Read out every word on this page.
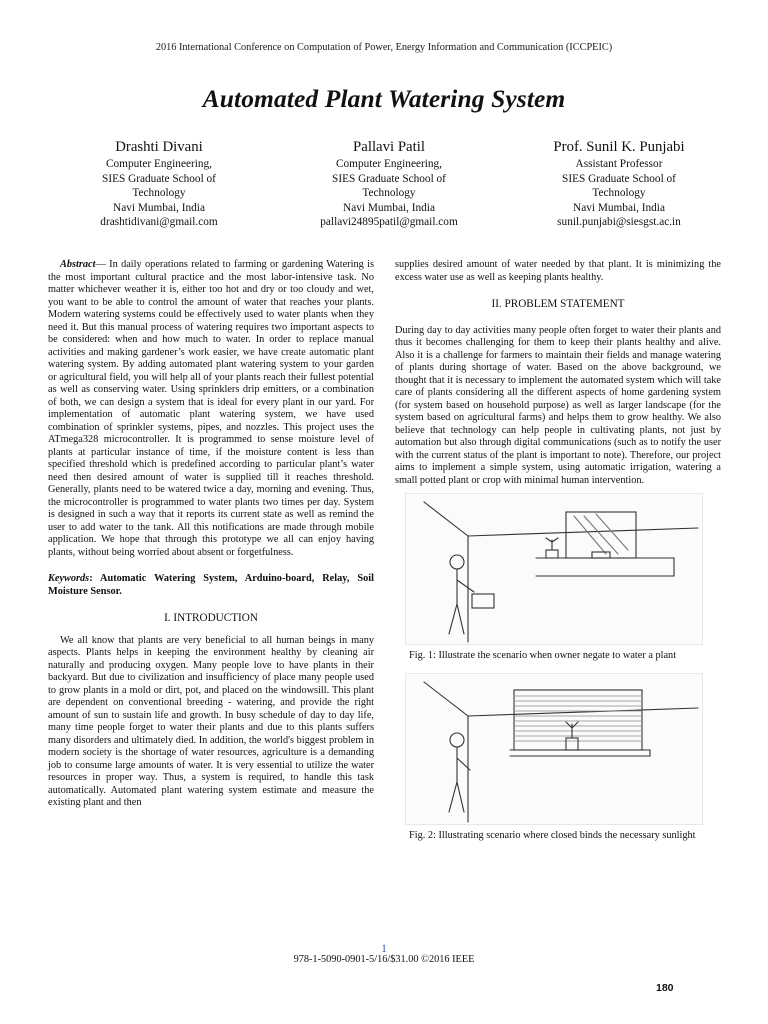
2016 International Conference on Computation of Power, Energy Information and Communication (ICCPEIC)
Automated Plant Watering System
Drashti Divani
Computer Engineering,
SIES Graduate School of
Technology
Navi Mumbai, India
drashtidivani@gmail.com
Pallavi Patil
Computer Engineering,
SIES Graduate School of
Technology
Navi Mumbai, India
pallavi24895patil@gmail.com
Prof. Sunil K. Punjabi
Assistant Professor
SIES Graduate School of
Technology
Navi Mumbai, India
sunil.punjabi@siesgst.ac.in

Abstract— In daily operations related to farming or gardening Watering is the most important cultural practice and the most labor-intensive task. No matter whichever weather it is, either too hot and dry or too cloudy and wet, you want to be able to control the amount of water that reaches your plants. Modern watering systems could be effectively used to water plants when they need it. But this manual process of watering requires two important aspects to be considered: when and how much to water. In order to replace manual activities and making gardener’s work easier, we have create automatic plant watering system. By adding automated plant watering system to your garden or agricultural field, you will help all of your plants reach their fullest potential as well as conserving water. Using sprinklers drip emitters, or a combination of both, we can design a system that is ideal for every plant in our yard. For implementation of automatic plant watering system, we have used combination of sprinkler systems, pipes, and nozzles. This project uses the ATmega328 microcontroller. It is programmed to sense moisture level of plants at particular instance of time, if the moisture content is less than specified threshold which is predefined according to particular plant’s water need then desired amount of water is supplied till it reaches threshold. Generally, plants need to be watered twice a day, morning and evening. Thus, the microcontroller is programmed to water plants two times per day. System is designed in such a way that it reports its current state as well as remind the user to add water to the tank. All this notifications are made through mobile application. We hope that through this prototype we all can enjoy having plants, without being worried about absent or forgetfulness.

Keywords: Automatic Watering System, Arduino-board, Relay, Soil Moisture Sensor.

I. INTRODUCTION

We all know that plants are very beneficial to all human beings in many aspects. Plants helps in keeping the environment healthy by cleaning air naturally and producing oxygen. Many people love to have plants in their backyard. But due to civilization and insufficiency of place many people used to grow plants in a mold or dirt, pot, and placed on the windowsill. This plant are dependent on conventional breeding - watering, and provide the right amount of sun to sustain life and growth. In busy schedule of day to day life, many time people forget to water their plants and due to this plants suffers many disorders and ultimately died. In addition, the world's biggest problem in modern society is the shortage of water resources, agriculture is a demanding job to consume large amounts of water. It is very essential to utilize the water resources in proper way. Thus, a system is required, to handle this task automatically. Automated plant watering system estimate and measure the existing plant and then

supplies desired amount of water needed by that plant. It is minimizing the excess water use as well as keeping plants healthy.

II. PROBLEM STATEMENT

During day to day activities many people often forget to water their plants and thus it becomes challenging for them to keep their plants healthy and alive. Also it is a challenge for farmers to maintain their fields and manage watering of plants during shortage of water. Based on the above background, we thought that it is necessary to implement the automated system which will take care of plants considering all the different aspects of home gardening system (for system based on household purpose) as well as larger landscape (for the system based on agricultural farms) and helps them to grow healthy. We also believe that technology can help people in cultivating plants, not just by automation but also through digital communications (such as to notify the user with the current status of the plant is important to note). Therefore, our project aims to implement a simple system, using automatic irrigation, watering a small potted plant or crop with minimal human intervention.

Fig. 1: Illustrate the scenario when owner negate to water a plant
Fig. 2: Illustrating scenario where closed binds the necessary sunlight
1
978-1-5090-0901-5/16/$31.00 ©2016 IEEE
180
